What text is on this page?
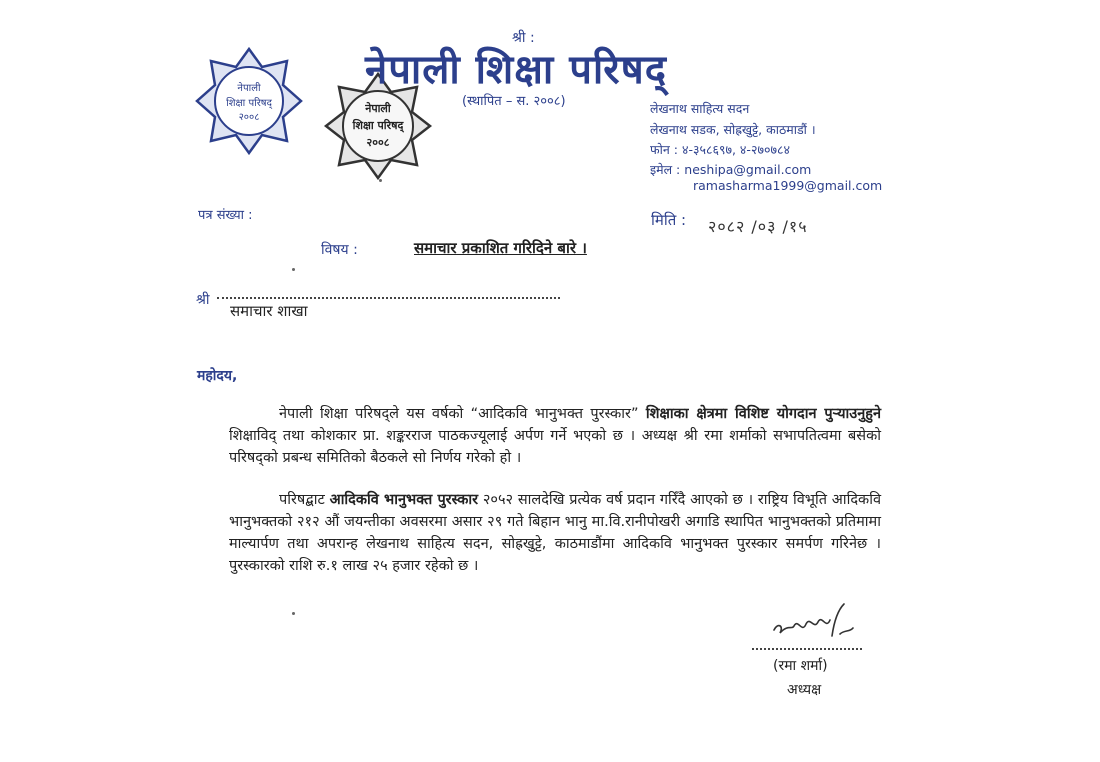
नेपाली
शिक्षा परिषद्
२००८
नेपाली
शिक्षा परिषद्
२००८
श्री :
नेपाली शिक्षा परिषद्
(स्थापित – स. २००८)	लेखनाथ साहित्य सदन
लेखनाथ सडक, सोह्रखुट्टे, काठमाडौं ।
फोन : ४-३५८६९७, ४-२७०७८४
इमेल : neshipa@gmail.com
ramasharma1999@gmail.com
पत्र संख्या :	मिति : २०८२ /०३ /१५
विषय :	समाचार प्रकाशित गरिदिने बारे ।
श्री
समाचार शाखा
महोदय,
नेपाली शिक्षा परिषद्ले यस वर्षको “आदिकवि भानुभक्त पुरस्कार” शिक्षाका क्षेत्रमा विशिष्ट योगदान पुऱ्याउनुहुने शिक्षाविद् तथा कोशकार प्रा. शङ्करराज पाठकज्यूलाई अर्पण गर्ने भएको छ । अध्यक्ष श्री रमा शर्माको सभापतित्वमा बसेको परिषद्को प्रबन्ध समितिको बैठकले सो निर्णय गरेको हो ।
परिषद्बाट आदिकवि भानुभक्त पुरस्कार २०५२ सालदेखि प्रत्येक वर्ष प्रदान गरिँदै आएको छ । राष्ट्रिय विभूति आदिकवि भानुभक्तको २१२ औं जयन्तीका अवसरमा असार २९ गते बिहान भानु मा.वि.रानीपोखरी अगाडि स्थापित भानुभक्तको प्रतिमामा माल्यार्पण तथा अपरान्ह लेखनाथ साहित्य सदन, सोह्रखुट्टे, काठमाडौंमा आदिकवि भानुभक्त पुरस्कार समर्पण गरिनेछ । पुरस्कारको राशि रु.१ लाख २५ हजार रहेको छ ।
(रमा शर्मा)
अध्यक्ष
